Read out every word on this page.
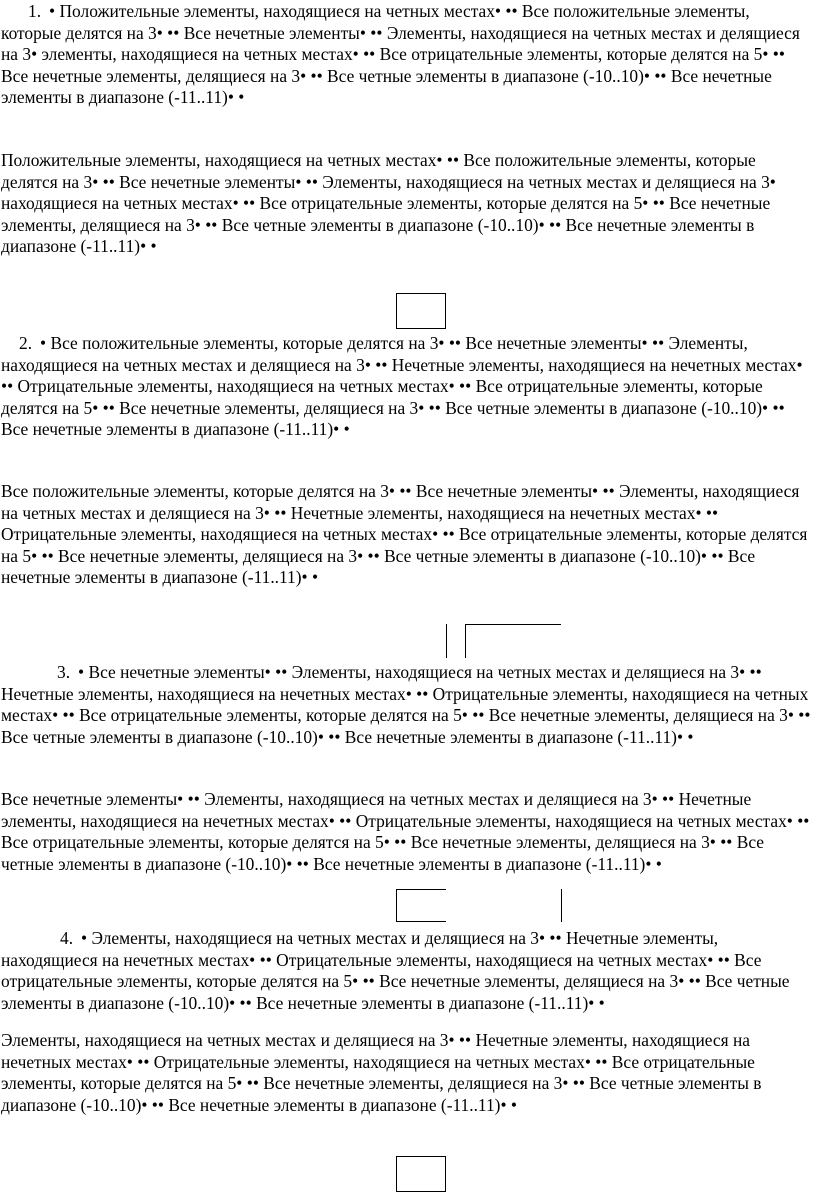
1. • Положительные элементы, находящиеся на четных местах• •• Все положительные элементы, которые делятся на 3• •• Все нечетные элементы• •• Элементы, находящиеся на четных местах и делящиеся на 3• элементы, находящиеся на четных местах• •• Все отрицательные элементы, которые делятся на 5• •• Все нечетные элементы, делящиеся на 3• •• Все четные элементы в диапазоне (-10..10)• •• Все нечетные элементы в диапазоне (-11..11)• •

Положительные элементы, находящиеся на четных местах• •• Все положительные элементы, которые делятся на 3• •• Все нечетные элементы• •• Элементы, находящиеся на четных местах и делящиеся на 3• находящиеся на четных местах• •• Все отрицательные элементы, которые делятся на 5• •• Все нечетные элементы, делящиеся на 3• •• Все четные элементы в диапазоне (-10..10)• •• Все нечетные элементы в диапазоне (-11..11)• •

2. • Все положительные элементы, которые делятся на 3• •• Все нечетные элементы• •• Элементы, находящиеся на четных местах и делящиеся на 3• •• Нечетные элементы, находящиеся на нечетных местах• •• Отрицательные элементы, находящиеся на четных местах• •• Все отрицательные элементы, которые делятся на 5• •• Все нечетные элементы, делящиеся на 3• •• Все четные элементы в диапазоне (-10..10)• •• Все нечетные элементы в диапазоне (-11..11)• •

Все положительные элементы, которые делятся на 3• •• Все нечетные элементы• •• Элементы, находящиеся на четных местах и делящиеся на 3• •• Нечетные элементы, находящиеся на нечетных местах• •• Отрицательные элементы, находящиеся на четных местах• •• Все отрицательные элементы, которые делятся на 5• •• Все нечетные элементы, делящиеся на 3• •• Все четные элементы в диапазоне (-10..10)• •• Все нечетные элементы в диапазоне (-11..11)• •

3. • Все нечетные элементы• •• Элементы, находящиеся на четных местах и делящиеся на 3• •• Нечетные элементы, находящиеся на нечетных местах• •• Отрицательные элементы, находящиеся на четных местах• •• Все отрицательные элементы, которые делятся на 5• •• Все нечетные элементы, делящиеся на 3• •• Все четные элементы в диапазоне (-10..10)• •• Все нечетные элементы в диапазоне (-11..11)• •

Все нечетные элементы• •• Элементы, находящиеся на четных местах и делящиеся на 3• •• Нечетные элементы, находящиеся на нечетных местах• •• Отрицательные элементы, находящиеся на четных местах• •• Все отрицательные элементы, которые делятся на 5• •• Все нечетные элементы, делящиеся на 3• •• Все четные элементы в диапазоне (-10..10)• •• Все нечетные элементы в диапазоне (-11..11)• •

4. • Элементы, находящиеся на четных местах и делящиеся на 3• •• Нечетные элементы, находящиеся на нечетных местах• •• Отрицательные элементы, находящиеся на четных местах• •• Все отрицательные элементы, которые делятся на 5• •• Все нечетные элементы, делящиеся на 3• •• Все четные элементы в диапазоне (-10..10)• •• Все нечетные элементы в диапазоне (-11..11)• •

Элементы, находящиеся на четных местах и делящиеся на 3• •• Нечетные элементы, находящиеся на нечетных местах• •• Отрицательные элементы, находящиеся на четных местах• •• Все отрицательные элементы, которые делятся на 5• •• Все нечетные элементы, делящиеся на 3• •• Все четные элементы в диапазоне (-10..10)• •• Все нечетные элементы в диапазоне (-11..11)• •
